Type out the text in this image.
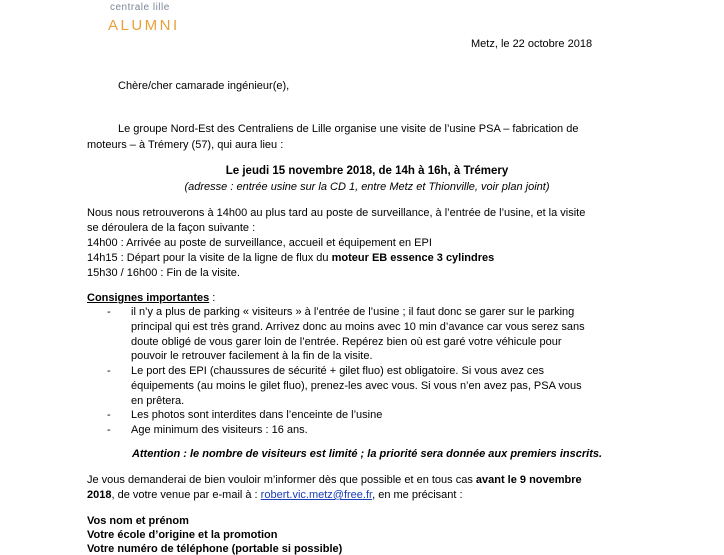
centrale lille
ALUMNI
Metz, le 22 octobre 2018
Chère/cher camarade ingénieur(e),
Le groupe Nord-Est des Centraliens de Lille organise une visite de l’usine PSA – fabrication de
moteurs – à Trémery (57), qui aura lieu :
Le jeudi 15 novembre 2018, de 14h à 16h, à Trémery
(adresse : entrée usine sur la CD 1, entre Metz et Thionville, voir plan joint)
Nous nous retrouverons à 14h00 au plus tard au poste de surveillance, à l’entrée de l’usine, et la visite
se déroulera de la façon suivante :
14h00 : Arrivée au poste de surveillance, accueil et équipement en EPI
14h15 : Départ pour la visite de la ligne de flux du moteur EB essence 3 cylindres
15h30 / 16h00 : Fin de la visite.
Consignes importantes :
- il n’y a plus de parking « visiteurs » à l’entrée de l’usine ; il faut donc se garer sur le parking
principal qui est très grand. Arrivez donc au moins avec 10 min d’avance car vous serez sans
doute obligé de vous garer loin de l’entrée. Repérez bien où est garé votre véhicule pour
pouvoir le retrouver facilement à la fin de la visite.
- Le port des EPI (chaussures de sécurité + gilet fluo) est obligatoire. Si vous avez ces
équipements (au moins le gilet fluo), prenez-les avec vous. Si vous n’en avez pas, PSA vous
en prêtera.
- Les photos sont interdites dans l’enceinte de l’usine
- Age minimum des visiteurs : 16 ans.
Attention : le nombre de visiteurs est limité ; la priorité sera donnée aux premiers inscrits.
Je vous demanderai de bien vouloir m’informer dès que possible et en tous cas avant le 9 novembre
2018, de votre venue par e-mail à : robert.vic.metz@free.fr, en me précisant :
Vos nom et prénom
Votre école d’origine et la promotion
Votre numéro de téléphone (portable si possible)
